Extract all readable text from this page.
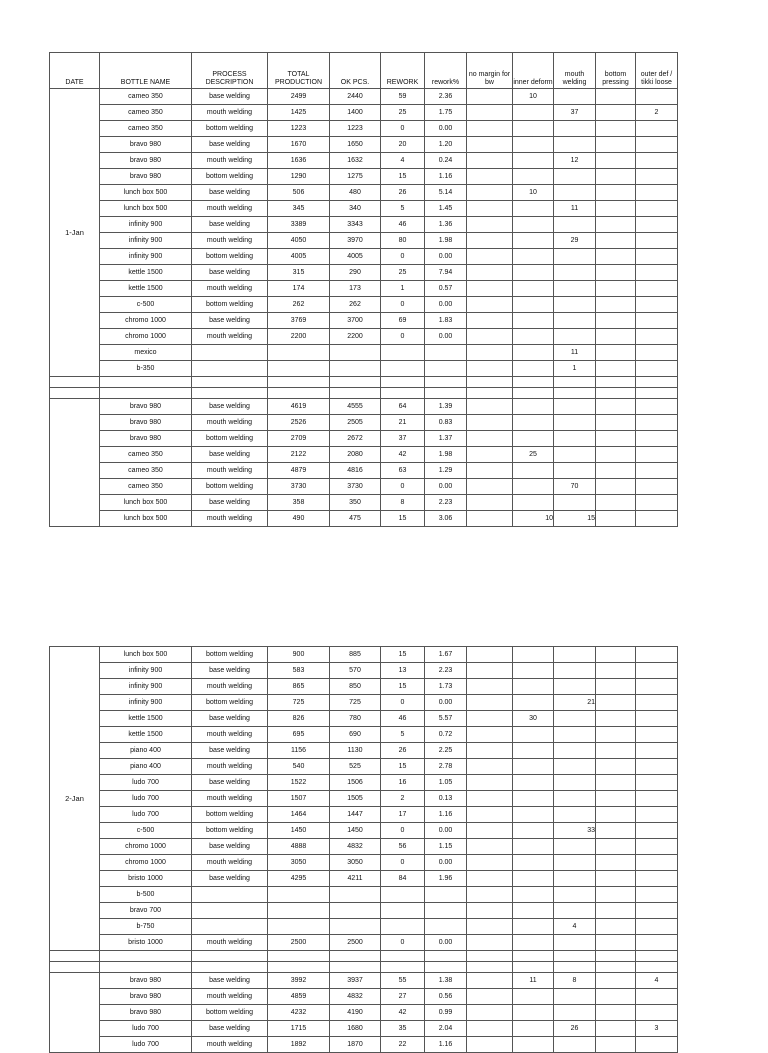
DATE	BOTTLE NAME	PROCESS DESCRIPTION	TOTAL PRODUCTION	OK PCS.	REWORK	rework%	no margin for bw	inner deform	mouth welding	bottom pressing	outer def / tikki loose
1-Jan	cameo 350	base welding	2499	2440	59	2.36		10			
	cameo 350	mouth welding	1425	1400	25	1.75			37		2
	cameo 350	bottom welding	1223	1223	0	0.00					
	bravo 980	base welding	1670	1650	20	1.20					
	bravo 980	mouth welding	1636	1632	4	0.24			12		
	bravo 980	bottom welding	1290	1275	15	1.16					
	lunch box 500	base welding	506	480	26	5.14		10			
	lunch box 500	mouth welding	345	340	5	1.45			11		
	infinity 900	base welding	3389	3343	46	1.36					
	infinity 900	mouth welding	4050	3970	80	1.98			29		
	infinity 900	bottom welding	4005	4005	0	0.00					
	kettle 1500	base welding	315	290	25	7.94					
	kettle 1500	mouth welding	174	173	1	0.57					
	c-500	bottom welding	262	262	0	0.00					
	chromo 1000	base welding	3769	3700	69	1.83					
	chromo 1000	mouth welding	2200	2200	0	0.00					
	mexico								11		
	b-350								1		

	bravo 980	base welding	4619	4555	64	1.39					
	bravo 980	mouth welding	2526	2505	21	0.83					
	bravo 980	bottom welding	2709	2672	37	1.37					
	cameo 350	base welding	2122	2080	42	1.98		25			
	cameo 350	mouth welding	4879	4816	63	1.29					
	cameo 350	bottom welding	3730	3730	0	0.00			70		
	lunch box 500	base welding	358	350	8	2.23					
	lunch box 500	mouth welding	490	475	15	3.06		10	15		
2-Jan	lunch box 500	bottom welding	900	885	15	1.67					
	infinity 900	base welding	583	570	13	2.23					
	infinity 900	mouth welding	865	850	15	1.73					
	infinity 900	bottom welding	725	725	0	0.00			21		
	kettle 1500	base welding	826	780	46	5.57		30			
	kettle 1500	mouth welding	695	690	5	0.72					
	piano 400	base welding	1156	1130	26	2.25					
	piano 400	mouth welding	540	525	15	2.78					
	ludo 700	base welding	1522	1506	16	1.05					
	ludo 700	mouth welding	1507	1505	2	0.13					
	ludo 700	bottom welding	1464	1447	17	1.16					
	c-500	bottom welding	1450	1450	0	0.00			33		
	chromo 1000	base welding	4888	4832	56	1.15					
	chromo 1000	mouth welding	3050	3050	0	0.00					
	bristo 1000	base welding	4295	4211	84	1.96					
	b-500										
	bravo 700										
	b-750								4		
	bristo 1000	mouth welding	2500	2500	0	0.00					

	bravo 980	base welding	3992	3937	55	1.38		11	8		4
	bravo 980	mouth welding	4859	4832	27	0.56					
	bravo 980	bottom welding	4232	4190	42	0.99					
	ludo 700	base welding	1715	1680	35	2.04			26		3
	ludo 700	mouth welding	1892	1870	22	1.16					
